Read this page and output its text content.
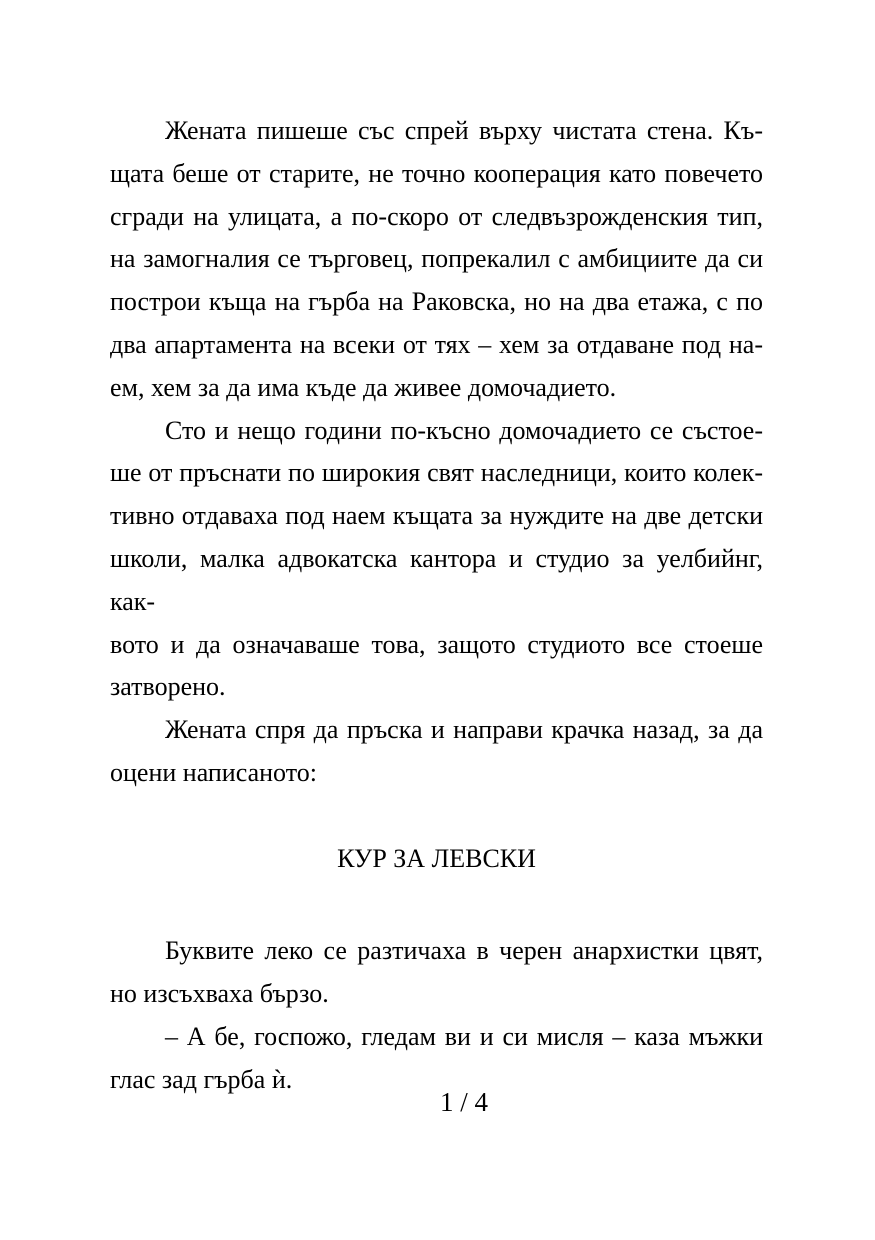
Жената пишеше със спрей върху чистата стена. Къ-
щата беше от старите, не точно кооперация като повечето
сгради на улицата, а по-скоро от следвъзрожденския тип,
на замогналия се търговец, попрекалил с амбициите да си
построи къща на гърба на Раковска, но на два етажа, с по
два апартамента на всеки от тях – хем за отдаване под на-
ем, хем за да има къде да живее домочадието.
Сто и нещо години по-късно домочадието се състое-
ше от пръснати по широкия свят наследници, които колек-
тивно отдаваха под наем къщата за нуждите на две детски
школи, малка адвокатска кантора и студио за уелбийнг, как-
вото и да означаваше това, защото студиото все стоеше
затворено.
Жената спря да пръска и направи крачка назад, за да
оцени написаното:
КУР ЗА ЛЕВСКИ
Буквите леко се разтичаха в черен анархистки цвят,
но изсъхваха бързо.
– А бе, госпожо, гледам ви и си мисля – каза мъжки
глас зад гърба ѝ.
1 / 4
